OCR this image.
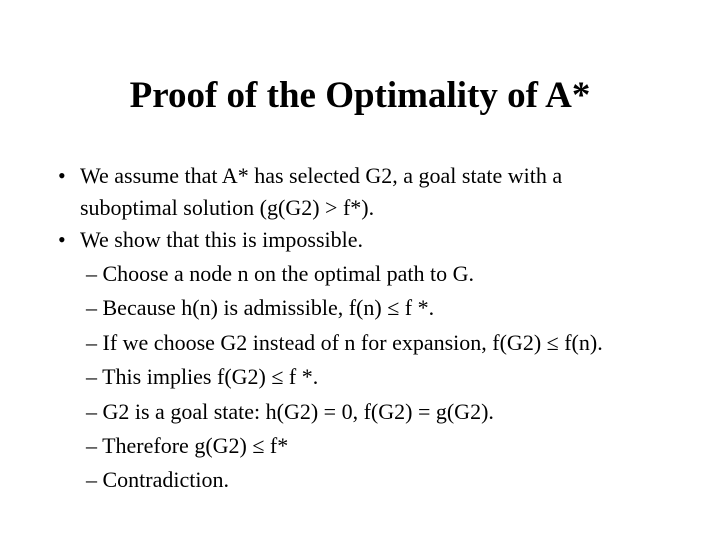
Proof of the Optimality of A*
• We assume that A* has selected G2, a goal state with a
suboptimal solution (g(G2) > f*).
• We show that this is impossible.
– Choose a node n on the optimal path to G.
– Because h(n) is admissible, f(n) ≤ f *.
– If we choose G2 instead of n for expansion, f(G2) ≤ f(n).
– This implies f(G2) ≤ f *.
– G2 is a goal state: h(G2) = 0, f(G2) = g(G2).
– Therefore g(G2) ≤ f*
– Contradiction.
